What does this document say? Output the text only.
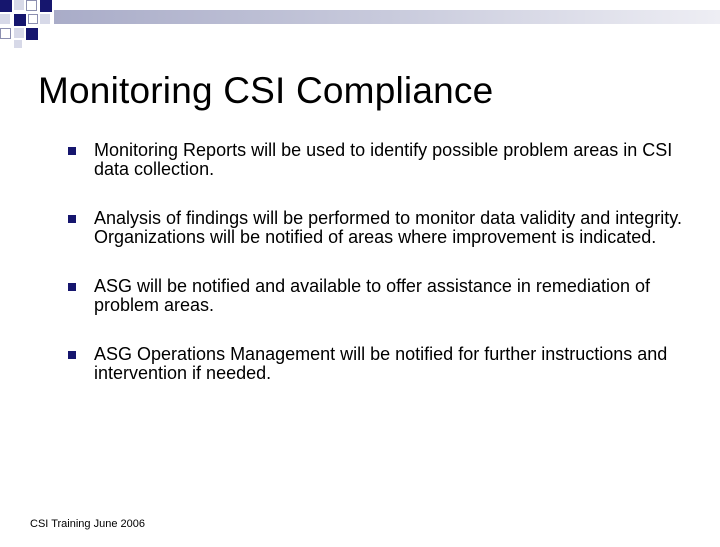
Monitoring CSI Compliance
Monitoring Reports will be used to identify possible problem areas in CSI data collection.
Analysis of findings will be performed to monitor data validity and integrity. Organizations will be notified of areas where improvement is indicated.
ASG will be notified and available to offer assistance in remediation of problem areas.
ASG Operations Management will be notified for further instructions and intervention if needed.
CSI Training June 2006
